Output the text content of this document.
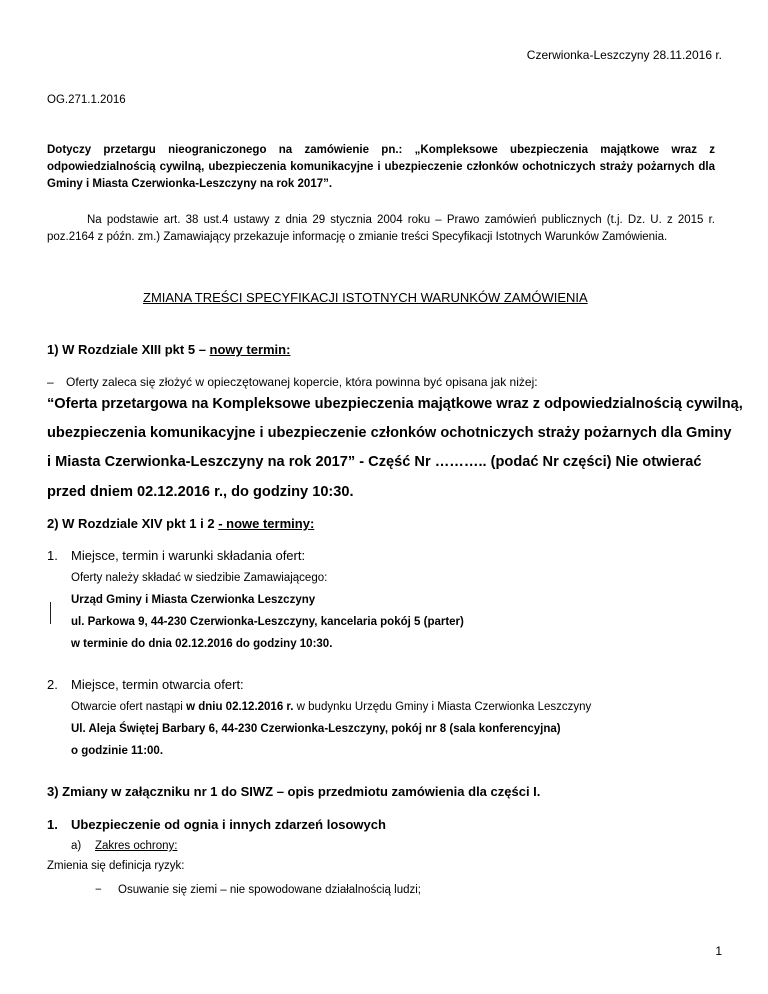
Czerwionka-Leszczyny 28.11.2016 r.
OG.271.1.2016
Dotyczy przetargu nieograniczonego na zamówienie pn.: „Kompleksowe ubezpieczenia majątkowe wraz z odpowiedzialnością cywilną, ubezpieczenia komunikacyjne i ubezpieczenie członków ochotniczych straży pożarnych dla Gminy i Miasta Czerwionka-Leszczyny na rok 2017”.
Na podstawie art. 38 ust.4 ustawy z dnia 29 stycznia 2004 roku – Prawo zamówień publicznych (t.j. Dz. U. z 2015 r. poz.2164 z późn. zm.) Zamawiający przekazuje informację o zmianie treści Specyfikacji Istotnych Warunków Zamówienia.
ZMIANA TREŚCI SPECYFIKACJI ISTOTNYCH WARUNKÓW ZAMÓWIENIA
1) W Rozdziale XIII pkt 5 – nowy termin:
– Oferty zaleca się złożyć w opieczętowanej kopercie, która powinna być opisana jak niżej:
“Oferta przetargowa na Kompleksowe ubezpieczenia majątkowe wraz z odpowiedzialnością cywilną,
ubezpieczenia komunikacyjne i ubezpieczenie członków ochotniczych straży pożarnych dla Gminy
i Miasta Czerwionka-Leszczyny na rok 2017” - Część Nr ……….. (podać Nr części) Nie otwierać
przed dniem 02.12.2016 r., do godziny 10:30.
2) W Rozdziale XIV pkt 1 i 2 - nowe terminy:
1. Miejsce, termin i warunki składania ofert:
Oferty należy składać w siedzibie Zamawiającego:
Urząd Gminy i Miasta Czerwionka Leszczyny
ul. Parkowa 9, 44-230 Czerwionka-Leszczyny, kancelaria pokój 5 (parter)
w terminie do dnia 02.12.2016 do godziny 10:30.
2. Miejsce, termin otwarcia ofert:
Otwarcie ofert nastąpi w dniu 02.12.2016 r. w budynku Urzędu Gminy i Miasta Czerwionka Leszczyny
Ul. Aleja Świętej Barbary 6, 44-230 Czerwionka-Leszczyny, pokój nr 8 (sala konferencyjna)
o godzinie 11:00.
3) Zmiany w załączniku nr 1 do SIWZ – opis przedmiotu zamówienia dla części I.
1. Ubezpieczenie od ognia i innych zdarzeń losowych
a) Zakres ochrony:
Zmienia się definicja ryzyk:
− Osuwanie się ziemi – nie spowodowane działalnością ludzi;
1
